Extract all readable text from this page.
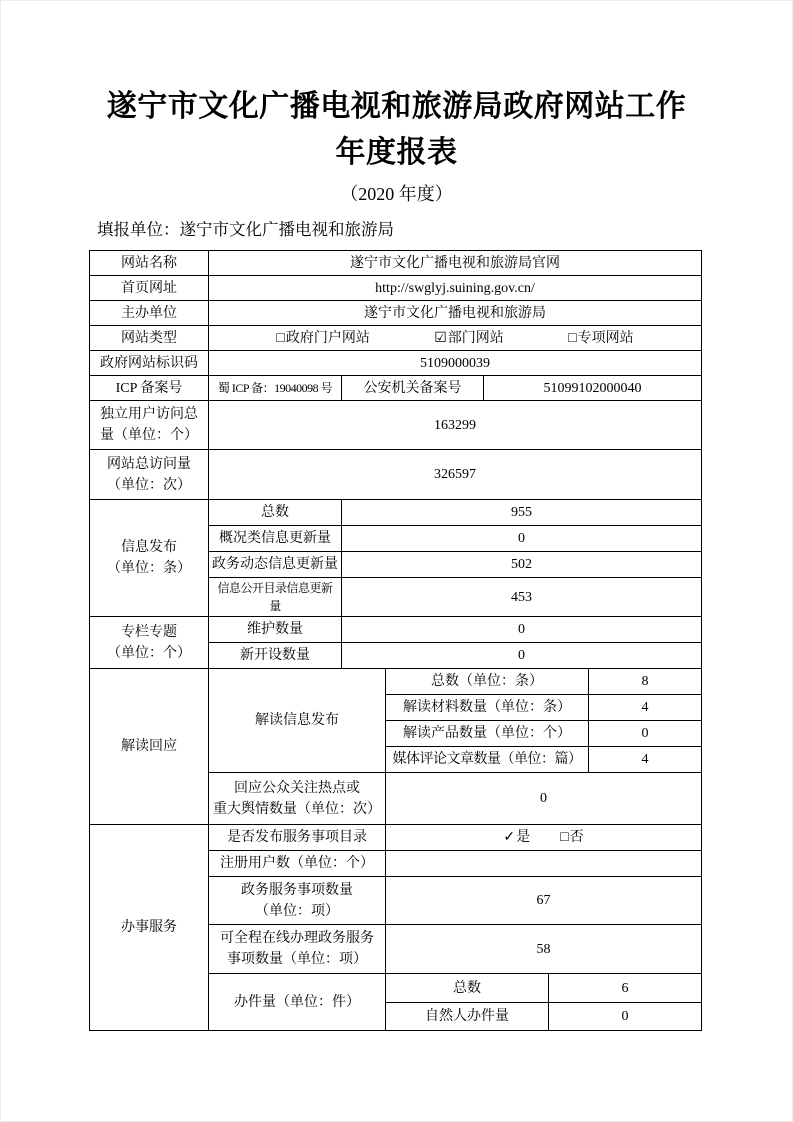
遂宁市文化广播电视和旅游局政府网站工作
年度报表
（2020 年度）
填报单位：遂宁市文化广播电视和旅游局
网站名称	遂宁市文化广播电视和旅游局官网					
首页网址	http://swglyj.suining.gov.cn/					
主办单位	遂宁市文化广播电视和旅游局					
网站类型	□ 政府门户网站	☑ 部门网站	□ 专项网站

政府网站标识码	5109000039					
ICP 备案号	蜀 ICP 备：19040098 号	公安机关备案号		51099102000040		

独立用户访问总
量（单位：个）	163299					

网站总访问量
（单位：次）	326597					

信息发布
（单位：条）	总数	955				
	概况类信息更新量	0				
	政务动态信息更新量	502				
	信息公开目录信息更新量	453				

专栏专题
（单位：个）	维护数量	0				
	新开设数量	0				
解读回应	解读信息发布		总数（单位：条）			8
			解读材料数量（单位：条）			4
			解读产品数量（单位：个）			0
			媒体评论文章数量（单位：篇）			4

	回应公众关注热点或
重大舆情数量（单位：次）		0			
办事服务	是否发布服务事项目录		✓ 是 □ 否			

	注册用户数（单位：个）					

	政务服务事项数量
（单位：项）		67			

	可全程在线办理政务服务
事项数量（单位：项）		58			
	办件量（单位：件）		总数		6	
			自然人办件量		0	
